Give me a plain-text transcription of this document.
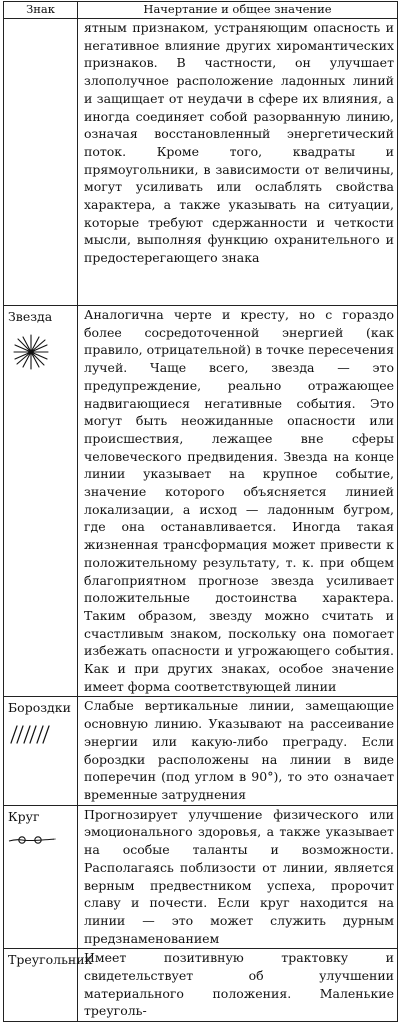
Знак	Начертание и общее значение

	ятным признаком, устраняющим опасность и негативное влияние других хиромантических признаков. В частности, он улучшает злополучное расположение ладонных линий и защищает от неудачи в сфере их влияния, а иногда соединяет собой разорванную линию, означая восстановленный энергетический поток. Кроме того, квадраты и прямоугольники, в зависимости от величины, могут усиливать или ослаблять свойства характера, а также указывать на ситуации, которые требуют сдержанности и четкости мысли, выполняя функцию охранительного и предостерегающего знака

Звезда	Аналогична черте и кресту, но с гораздо более сосредоточенной энергией (как правило, отрицательной) в точке пересечения лучей. Чаще всего, звезда — это предупреждение, реально отражающее надвигающиеся негативные события. Это могут быть неожиданные опасности или происшествия, лежащее вне сферы человеческого предвидения. Звезда на конце линии указывает на крупное событие, значение которого объясняется линией локализации, а исход — ладонным бугром, где она останавливается. Иногда такая жизненная трансформация может привести к положительному результату, т. к. при общем благоприятном прогнозе звезда усиливает положительные достоинства характера. Таким образом, звезду можно считать и счастливым знаком, поскольку она помогает избежать опасности и угрожающего события. Как и при других знаках, особое значение имеет форма соответствующей линии

Бороздки	Слабые вертикальные линии, замещающие основную линию. Указывают на рассеивание энергии или какую-либо преграду. Если бороздки расположены на линии в виде поперечин (под углом в 90°), то это означает временные затруднения

Круг	Прогнозирует улучшение физического или эмоционального здоровья, а также указывает на особые таланты и возможности. Располагаясь поблизости от линии, является верным предвестником успеха, пророчит славу и почести. Если круг находится на линии — это может служить дурным предзнаменованием

Треугольник	Имеет позитивную трактовку и свидетельствует об улучшении материального положения. Маленькие треуголь-
